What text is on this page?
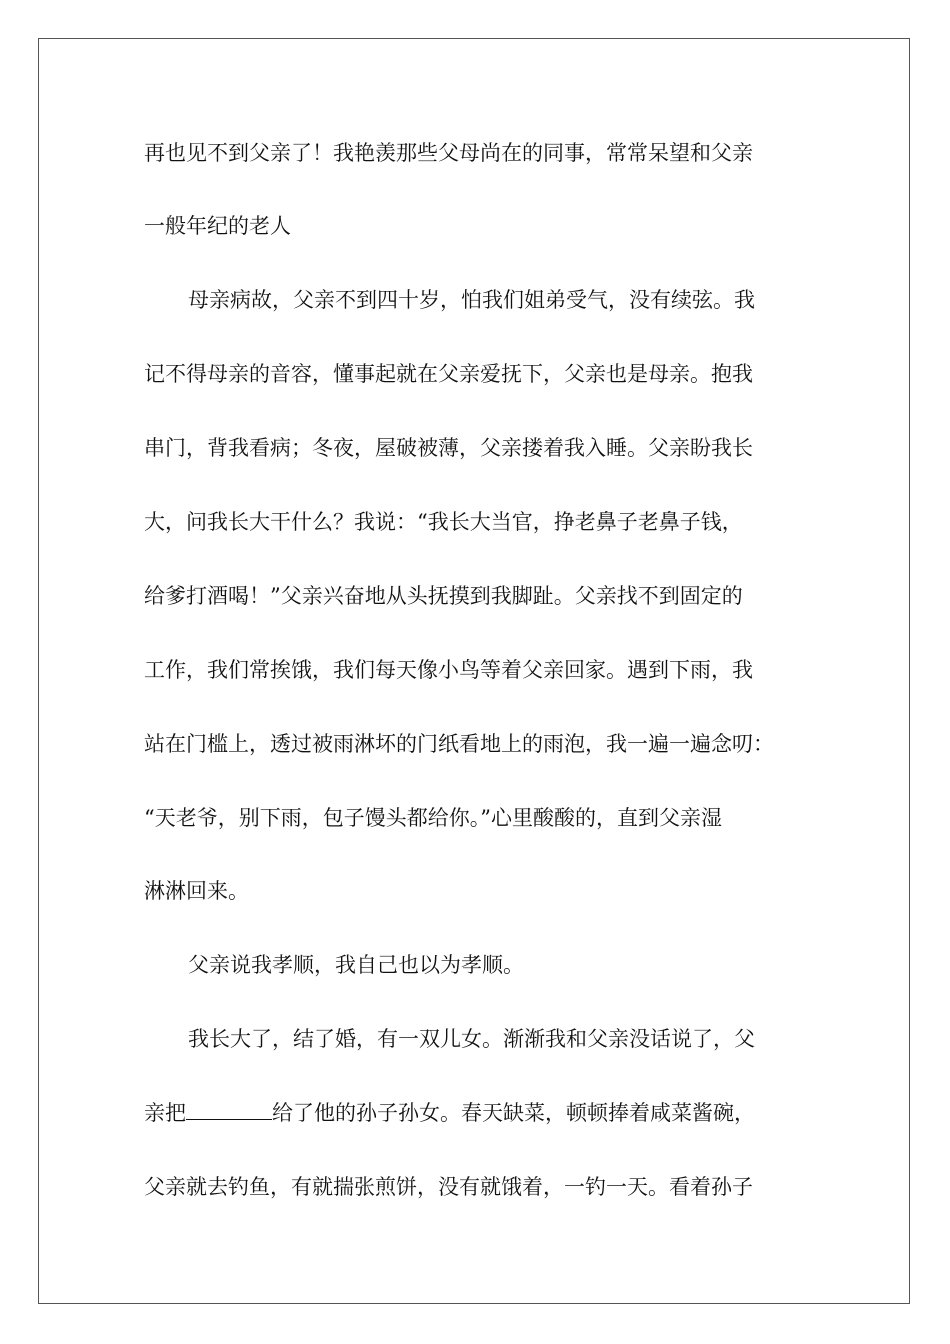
再也见不到父亲了！我艳羡那些父母尚在的同事，常常呆望和父亲
一般年纪的老人
母亲病故，父亲不到四十岁，怕我们姐弟受气，没有续弦。我
记不得母亲的音容，懂事起就在父亲爱抚下，父亲也是母亲。抱我
串门，背我看病；冬夜，屋破被薄，父亲搂着我入睡。父亲盼我长
大，问我长大干什么？我说：“我长大当官，挣老鼻子老鼻子钱，
给爹打酒喝！”父亲兴奋地从头抚摸到我脚趾。父亲找不到固定的
工作，我们常挨饿，我们每天像小鸟等着父亲回家。遇到下雨，我
站在门槛上，透过被雨淋坏的门纸看地上的雨泡，我一遍一遍念叨：
“天老爷，别下雨，包子馒头都给你。”心里酸酸的，直到父亲湿
淋淋回来。
父亲说我孝顺，我自己也以为孝顺。
我长大了，结了婚，有一双儿女。渐渐我和父亲没话说了，父
亲把	给了他的孙子孙女。春天缺菜，顿顿捧着咸菜酱碗，
父亲就去钓鱼，有就揣张煎饼，没有就饿着，一钓一天。看着孙子
